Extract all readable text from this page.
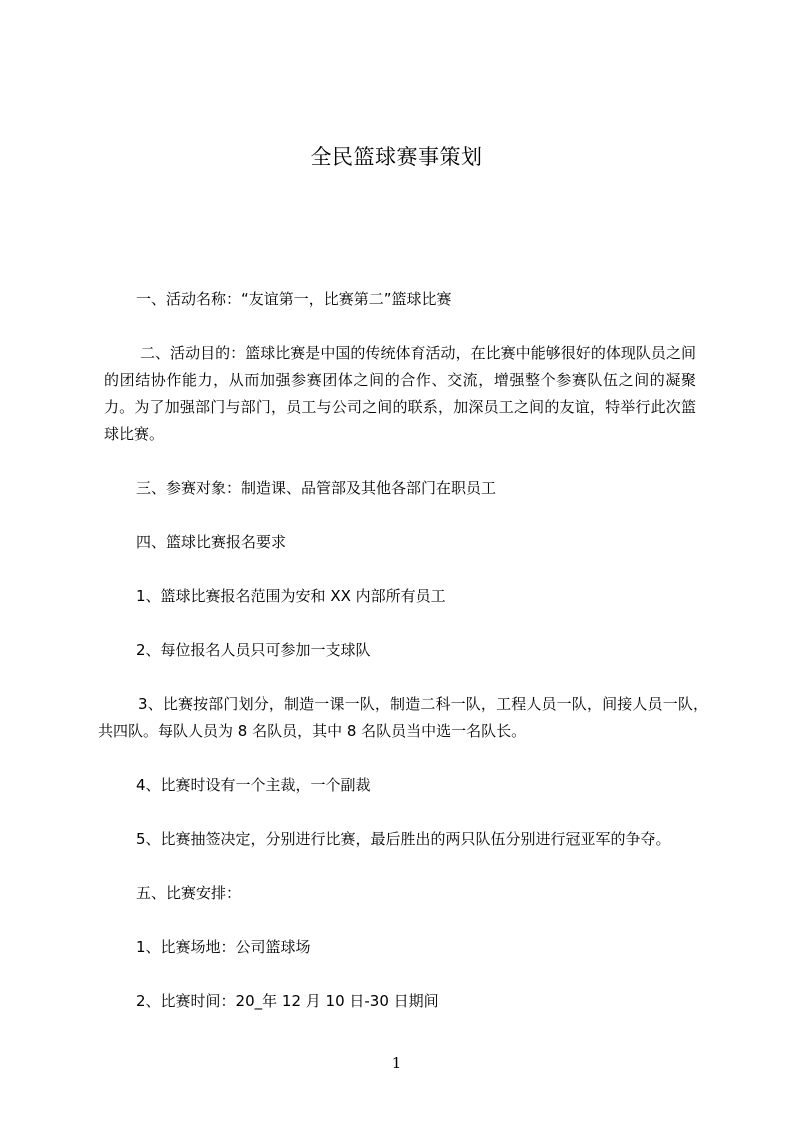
全民篮球赛事策划

一、活动名称：“友谊第一，比赛第二”篮球比赛

二、活动目的：篮球比赛是中国的传统体育活动，在比赛中能够很好的体现队员之间的团结协作能力，从而加强参赛团体之间的合作、交流，增强整个参赛队伍之间的凝聚力。为了加强部门与部门，员工与公司之间的联系，加深员工之间的友谊，特举行此次篮球比赛。

三、参赛对象：制造课、品管部及其他各部门在职员工

四、篮球比赛报名要求

1、篮球比赛报名范围为安和 XX 内部所有员工

2、每位报名人员只可参加一支球队

3、比赛按部门划分，制造一课一队，制造二科一队，工程人员一队，间接人员一队，共四队。每队人员为 8 名队员，其中 8 名队员当中选一名队长。

4、比赛时设有一个主裁，一个副裁

5、比赛抽签决定，分别进行比赛，最后胜出的两只队伍分别进行冠亚军的争夺。

五、比赛安排：

1、比赛场地：公司篮球场

2、比赛时间：20_年 12 月 10 日-30 日期间

1
